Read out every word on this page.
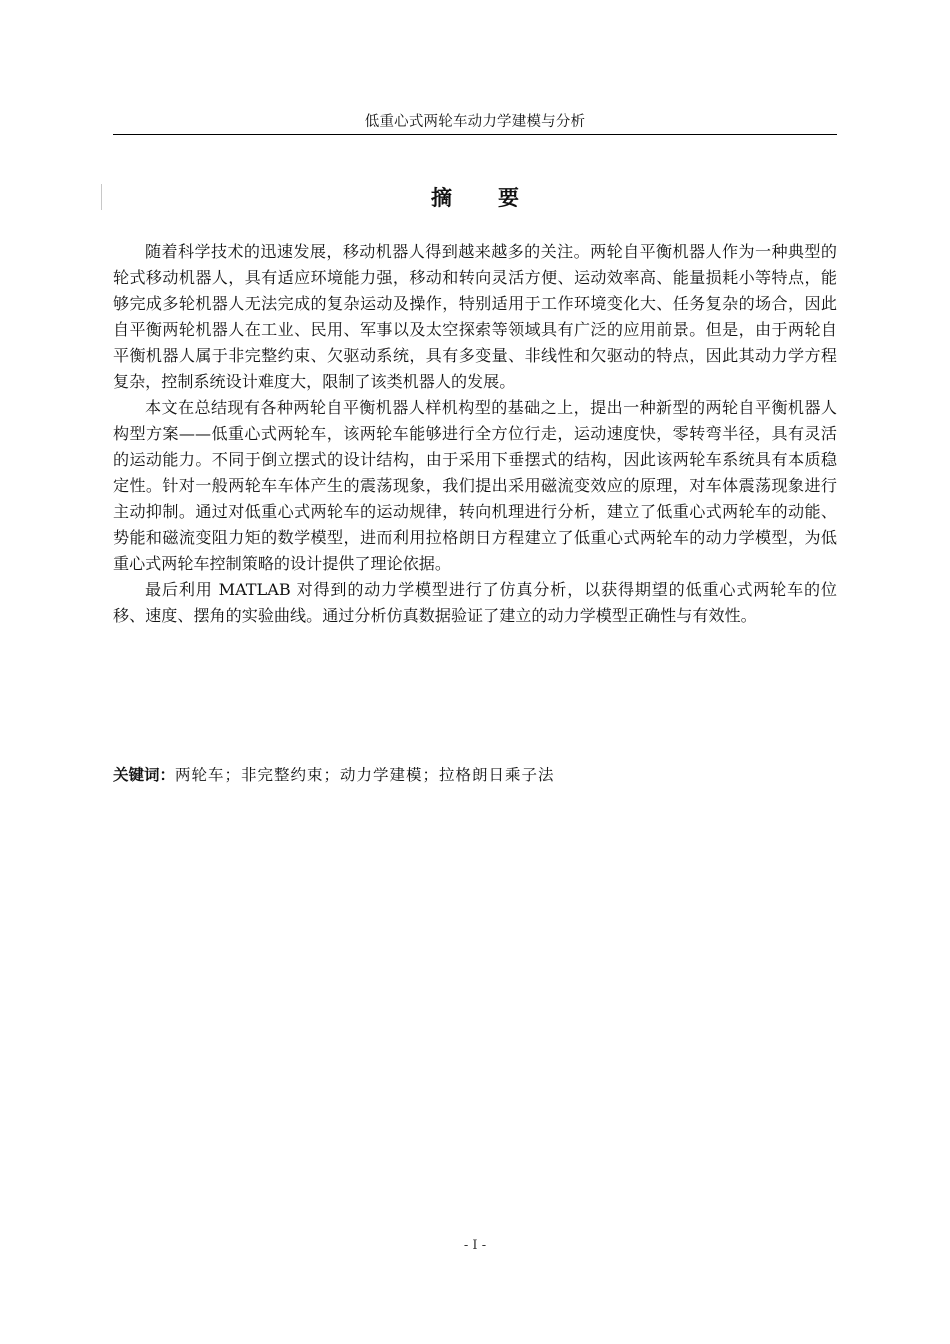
低重心式两轮车动力学建模与分析
摘 要

随着科学技术的迅速发展，移动机器人得到越来越多的关注。两轮自平衡机器人作为一种典型的轮式移动机器人，具有适应环境能力强，移动和转向灵活方便、运动效率高、能量损耗小等特点，能够完成多轮机器人无法完成的复杂运动及操作，特别适用于工作环境变化大、任务复杂的场合，因此自平衡两轮机器人在工业、民用、军事以及太空探索等领域具有广泛的应用前景。但是，由于两轮自平衡机器人属于非完整约束、欠驱动系统，具有多变量、非线性和欠驱动的特点，因此其动力学方程复杂，控制系统设计难度大，限制了该类机器人的发展。

本文在总结现有各种两轮自平衡机器人样机构型的基础之上，提出一种新型的两轮自平衡机器人构型方案——低重心式两轮车，该两轮车能够进行全方位行走，运动速度快，零转弯半径，具有灵活的运动能力。不同于倒立摆式的设计结构，由于采用下垂摆式的结构，因此该两轮车系统具有本质稳定性。针对一般两轮车车体产生的震荡现象，我们提出采用磁流变效应的原理，对车体震荡现象进行主动抑制。通过对低重心式两轮车的运动规律，转向机理进行分析，建立了低重心式两轮车的动能、势能和磁流变阻力矩的数学模型，进而利用拉格朗日方程建立了低重心式两轮车的动力学模型，为低重心式两轮车控制策略的设计提供了理论依据。

最后利用 MATLAB 对得到的动力学模型进行了仿真分析，以获得期望的低重心式两轮车的位移、速度、摆角的实验曲线。通过分析仿真数据验证了建立的动力学模型正确性与有效性。

关键词：两轮车；非完整约束；动力学建模；拉格朗日乘子法
- I -
